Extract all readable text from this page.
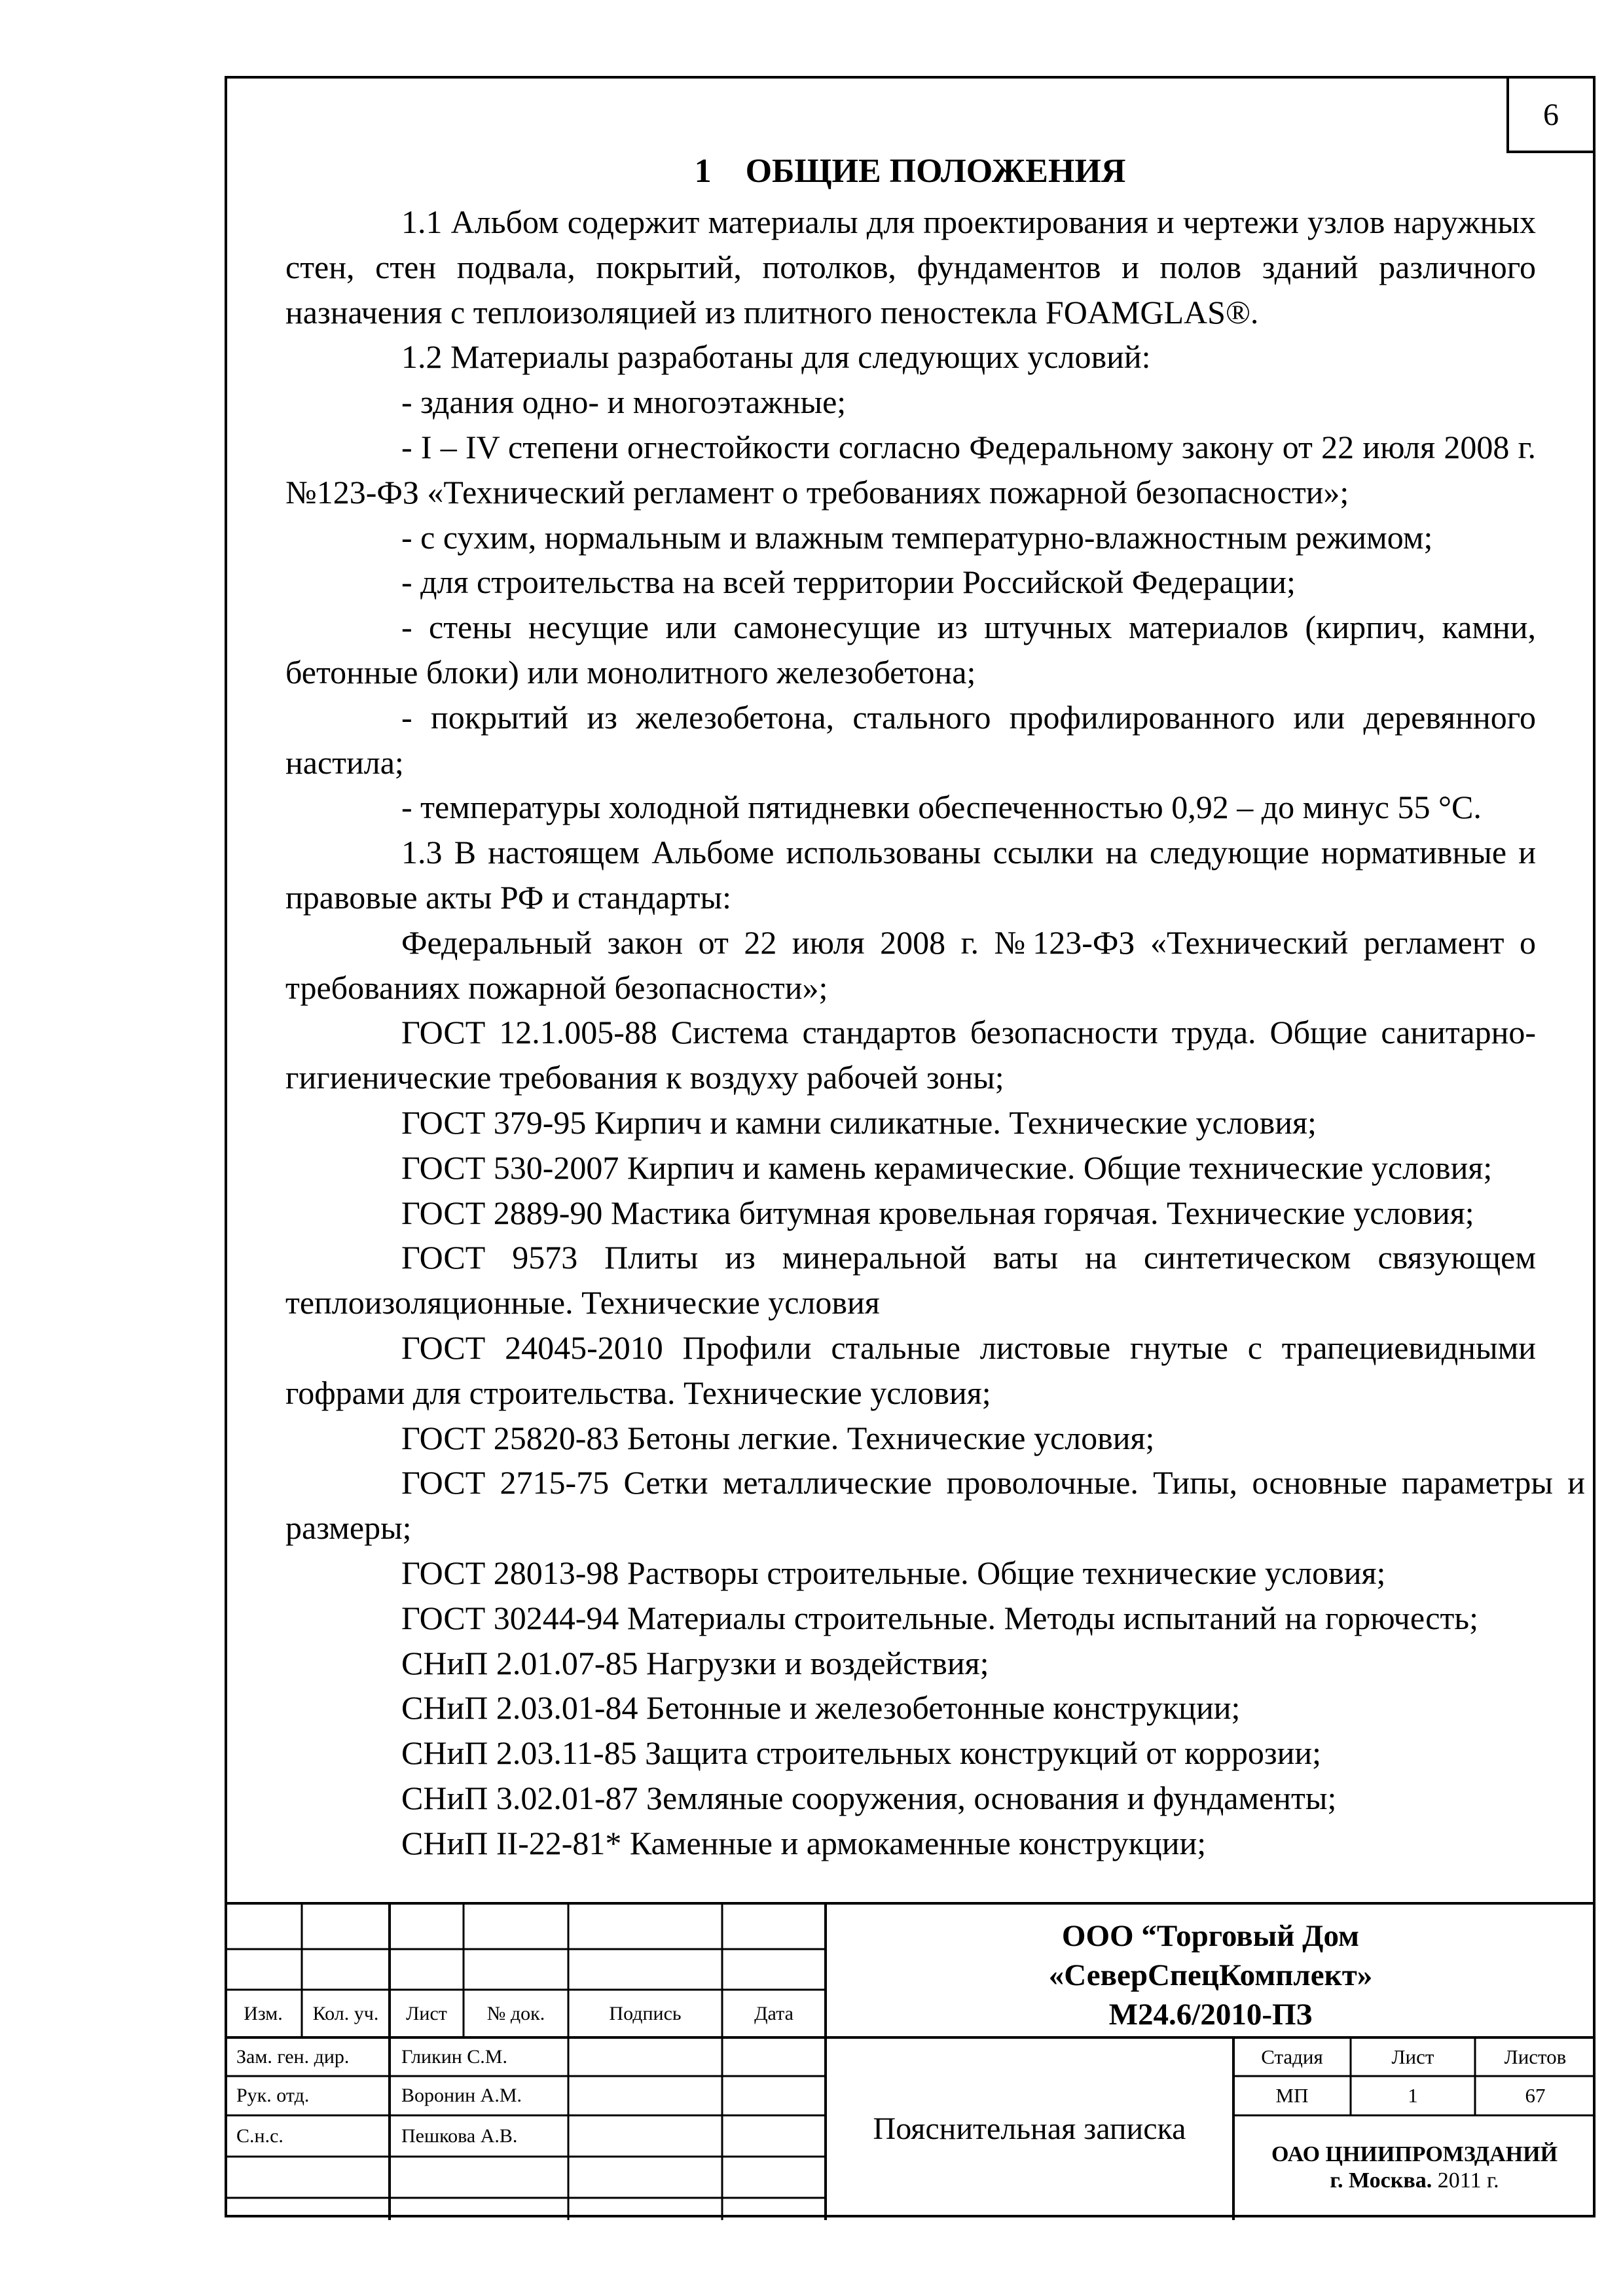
6
1    ОБЩИЕ ПОЛОЖЕНИЯ

1.1 Альбом содержит материалы для проектирования и чертежи узлов наружных стен, стен подвала, покрытий, потолков, фундаментов и полов зданий различного назначения с теплоизоляцией из плитного пеностекла FOAMGLAS®.

1.2 Материалы разработаны для следующих условий:

- здания одно- и многоэтажные;

- I – IV степени огнестойкости согласно Федеральному закону от 22 июля 2008 г. №123-ФЗ «Технический регламент о требованиях пожарной безопасности»;

- с сухим, нормальным и влажным температурно-влажностным режимом;

- для строительства на всей территории Российской Федерации;

- стены несущие или самонесущие из штучных материалов (кирпич, камни, бетонные блоки) или монолитного железобетона;

- покрытий из железобетона, стального профилированного или деревянного настила;

- температуры холодной пятидневки обеспеченностью 0,92 – до минус 55 °С.

1.3 В настоящем Альбоме использованы ссылки на следующие нормативные и правовые акты РФ и стандарты:

Федеральный закон от 22 июля 2008 г. №123-ФЗ «Технический регламент о требованиях пожарной безопасности»;

ГОСТ 12.1.005-88 Система стандартов безопасности труда. Общие санитарно-гигиенические требования к воздуху рабочей зоны;

ГОСТ 379-95 Кирпич и камни силикатные. Технические условия;

ГОСТ 530-2007 Кирпич и камень керамические. Общие технические условия;

ГОСТ 2889-90 Мастика битумная кровельная горячая. Технические условия;

ГОСТ 9573 Плиты из минеральной ваты на синтетическом связующем теплоизоляционные. Технические условия

ГОСТ 24045-2010 Профили стальные листовые гнутые с трапециевидными гофрами для строительства. Технические условия;

ГОСТ 25820-83 Бетоны легкие. Технические условия;

ГОСТ 2715-75 Сетки металлические проволочные. Типы, основные параметры и размеры;

ГОСТ 28013-98 Растворы строительные. Общие технические условия;

ГОСТ 30244-94 Материалы строительные. Методы испытаний на горючесть;

СНиП 2.01.07-85 Нагрузки и воздействия;

СНиП 2.03.01-84 Бетонные и железобетонные конструкции;

СНиП 2.03.11-85 Защита строительных конструкций от коррозии;

СНиП 3.02.01-87 Земляные сооружения, основания и фундаменты;

СНиП II-22-81* Каменные и армокаменные конструкции;

Изм.	Кол. уч.	Лист	№ док.	Подпись	Дата
Зам. ген. дир.	Гликин С.М.
Рук. отд.	Воронин А.М.
С.н.с.	Пешкова А.В.
ООО “Торговый Дом
«СеверСпецКомплект»
М24.6/2010-ПЗ
Пояснительная записка
Стадия	Лист	Листов
МП	1	67
ОАО ЦНИИПРОМЗДАНИЙ
г. Москва. 2011 г.
